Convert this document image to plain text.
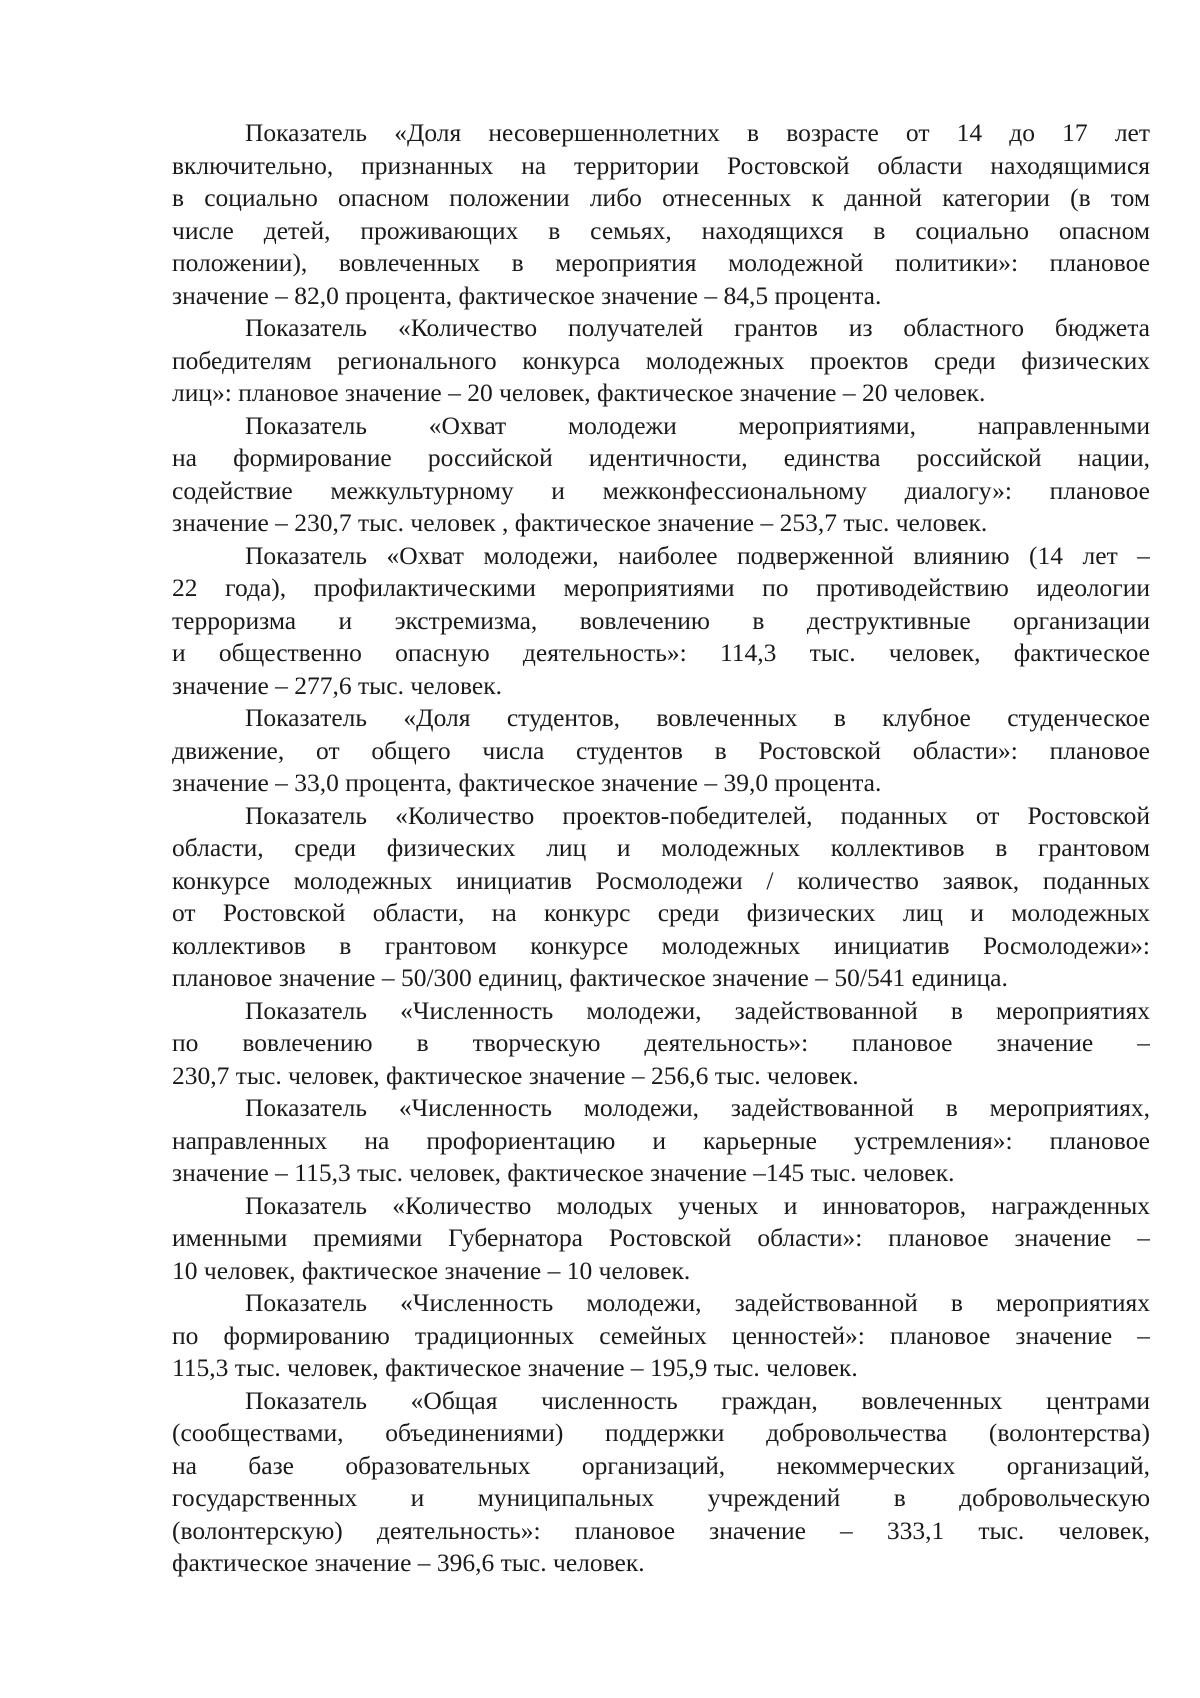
Показатель «Доля несовершеннолетних в возрасте от 14 до 17 лет
включительно, признанных на территории Ростовской области находящимися
в социально опасном положении либо отнесенных к данной категории (в том
числе детей, проживающих в семьях, находящихся в социально опасном
положении), вовлеченных в мероприятия молодежной политики»: плановое
значение – 82,0 процента, фактическое значение – 84,5 процента.
Показатель «Количество получателей грантов из областного бюджета
победителям регионального конкурса молодежных проектов среди физических
лиц»: плановое значение – 20 человек, фактическое значение – 20 человек.
Показатель «Охват молодежи мероприятиями, направленными
на формирование российской идентичности, единства российской нации,
содействие межкультурному и межконфессиональному диалогу»: плановое
значение – 230,7 тыс. человек , фактическое значение – 253,7 тыс. человек.
Показатель «Охват молодежи, наиболее подверженной влиянию (14 лет –
22 года), профилактическими мероприятиями по противодействию идеологии
терроризма и экстремизма, вовлечению в деструктивные организации
и общественно опасную деятельность»: 114,3 тыс. человек, фактическое
значение – 277,6 тыс. человек.
Показатель «Доля студентов, вовлеченных в клубное студенческое
движение, от общего числа студентов в Ростовской области»: плановое
значение – 33,0 процента, фактическое значение – 39,0 процента.
Показатель «Количество проектов-победителей, поданных от Ростовской
области, среди физических лиц и молодежных коллективов в грантовом
конкурсе молодежных инициатив Росмолодежи / количество заявок, поданных
от Ростовской области, на конкурс среди физических лиц и молодежных
коллективов в грантовом конкурсе молодежных инициатив Росмолодежи»:
плановое значение – 50/300 единиц, фактическое значение – 50/541 единица.
Показатель «Численность молодежи, задействованной в мероприятиях
по вовлечению в творческую деятельность»: плановое значение –
230,7 тыс. человек, фактическое значение – 256,6 тыс. человек.
Показатель «Численность молодежи, задействованной в мероприятиях,
направленных на профориентацию и карьерные устремления»: плановое
значение – 115,3 тыс. человек, фактическое значение –145 тыс. человек.
Показатель «Количество молодых ученых и инноваторов, награжденных
именными премиями Губернатора Ростовской области»: плановое значение –
10 человек, фактическое значение – 10 человек.
Показатель «Численность молодежи, задействованной в мероприятиях
по формированию традиционных семейных ценностей»: плановое значение –
115,3 тыс. человек, фактическое значение – 195,9 тыс. человек.
Показатель «Общая численность граждан, вовлеченных центрами
(сообществами, объединениями) поддержки добровольчества (волонтерства)
на базе образовательных организаций, некоммерческих организаций,
государственных и муниципальных учреждений в добровольческую
(волонтерскую) деятельность»: плановое значение – 333,1 тыс. человек,
фактическое значение – 396,6 тыс. человек.
